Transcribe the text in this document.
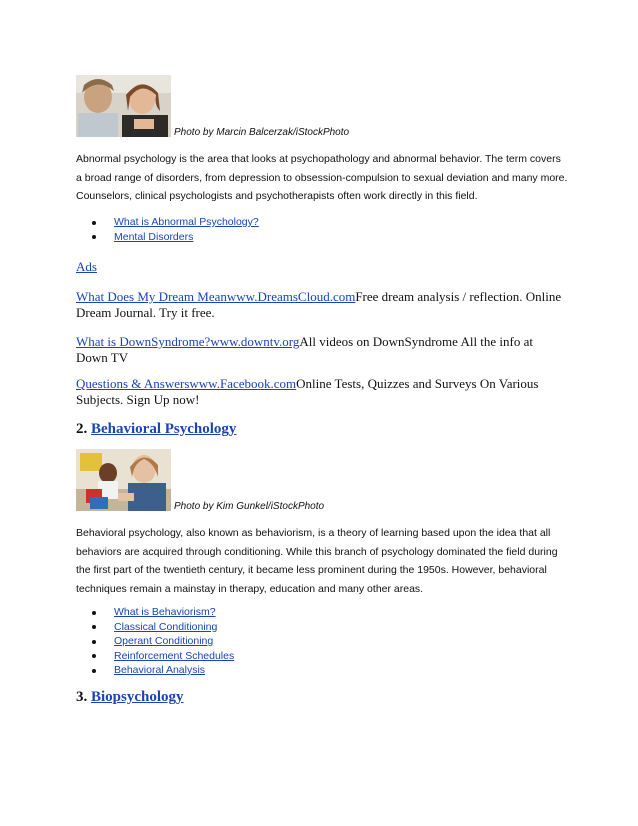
Photo by Marcin Balcerzak/iStockPhoto
Abnormal psychology is the area that looks at psychopathology and abnormal behavior. The term covers a broad range of disorders, from depression to obsession-compulsion to sexual deviation and many more. Counselors, clinical psychologists and psychotherapists often work directly in this field.
What is Abnormal Psychology?
Mental Disorders
Ads
What Does My Dream Meanwww.DreamsCloud.comFree dream analysis / reflection. Online Dream Journal. Try it free.
What is DownSyndrome?www.downtv.orgAll videos on DownSyndrome All the info at Down TV
Questions & Answerswww.Facebook.comOnline Tests, Quizzes and Surveys On Various Subjects. Sign Up now!
2. Behavioral Psychology
Photo by Kim Gunkel/iStockPhoto
Behavioral psychology, also known as behaviorism, is a theory of learning based upon the idea that all behaviors are acquired through conditioning. While this branch of psychology dominated the field during the first part of the twentieth century, it became less prominent during the 1950s. However, behavioral techniques remain a mainstay in therapy, education and many other areas.
What is Behaviorism?
Classical Conditioning
Operant Conditioning
Reinforcement Schedules
Behavioral Analysis
3. Biopsychology
